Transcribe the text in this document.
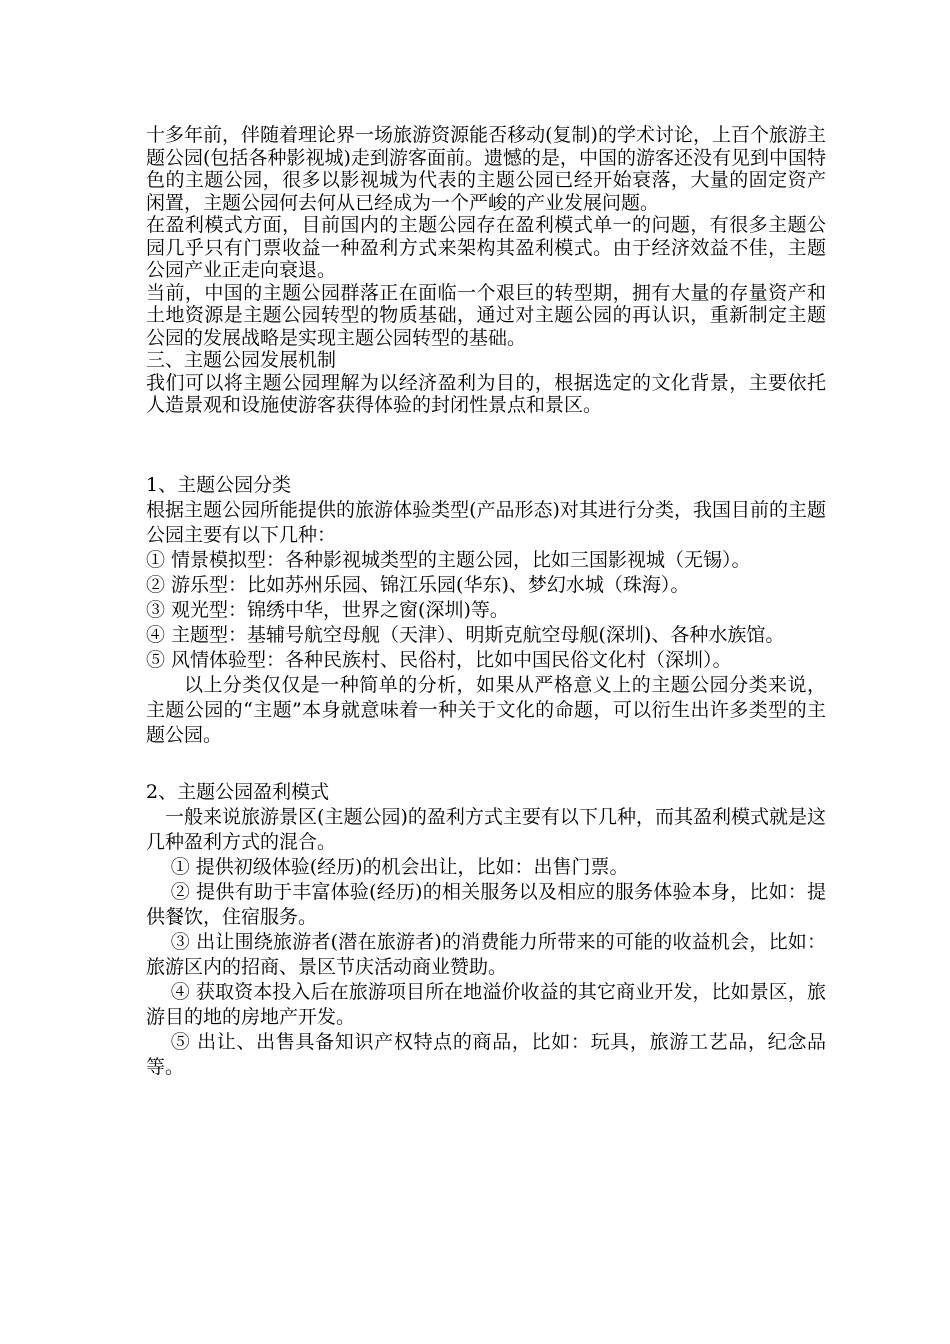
十多年前，伴随着理论界一场旅游资源能否移动(复制)的学术讨论，上百个旅游主题公园(包括各种影视城)走到游客面前。遗憾的是，中国的游客还没有见到中国特色的主题公园，很多以影视城为代表的主题公园已经开始衰落，大量的固定资产闲置，主题公园何去何从已经成为一个严峻的产业发展问题。

在盈利模式方面，目前国内的主题公园存在盈利模式单一的问题，有很多主题公园几乎只有门票收益一种盈利方式来架构其盈利模式。由于经济效益不佳，主题公园产业正走向衰退。

当前，中国的主题公园群落正在面临一个艰巨的转型期，拥有大量的存量资产和土地资源是主题公园转型的物质基础，通过对主题公园的再认识，重新制定主题公园的发展战略是实现主题公园转型的基础。

三、主题公园发展机制

我们可以将主题公园理解为以经济盈利为目的，根据选定的文化背景，主要依托人造景观和设施使游客获得体验的封闭性景点和景区。

1、主题公园分类

根据主题公园所能提供的旅游体验类型(产品形态)对其进行分类，我国目前的主题公园主要有以下几种：

① 情景模拟型：各种影视城类型的主题公园，比如三国影视城（无锡）。

② 游乐型：比如苏州乐园、锦江乐园(华东)、梦幻水城（珠海）。

③ 观光型：锦绣中华，世界之窗(深圳)等。

④ 主题型：基辅号航空母舰（天津）、明斯克航空母舰(深圳)、各种水族馆。

⑤ 风情体验型：各种民族村、民俗村，比如中国民俗文化村（深圳）。

以上分类仅仅是一种简单的分析，如果从严格意义上的主题公园分类来说，主题公园的“主题”本身就意味着一种关于文化的命题，可以衍生出许多类型的主题公园。

2、主题公园盈利模式

一般来说旅游景区(主题公园)的盈利方式主要有以下几种，而其盈利模式就是这几种盈利方式的混合。

① 提供初级体验(经历)的机会出让，比如：出售门票。

② 提供有助于丰富体验(经历)的相关服务以及相应的服务体验本身，比如：提供餐饮，住宿服务。

③ 出让围绕旅游者(潜在旅游者)的消费能力所带来的可能的收益机会，比如：旅游区内的招商、景区节庆活动商业赞助。

④ 获取资本投入后在旅游项目所在地溢价收益的其它商业开发，比如景区，旅游目的地的房地产开发。

⑤ 出让、出售具备知识产权特点的商品，比如：玩具，旅游工艺品，纪念品等。
